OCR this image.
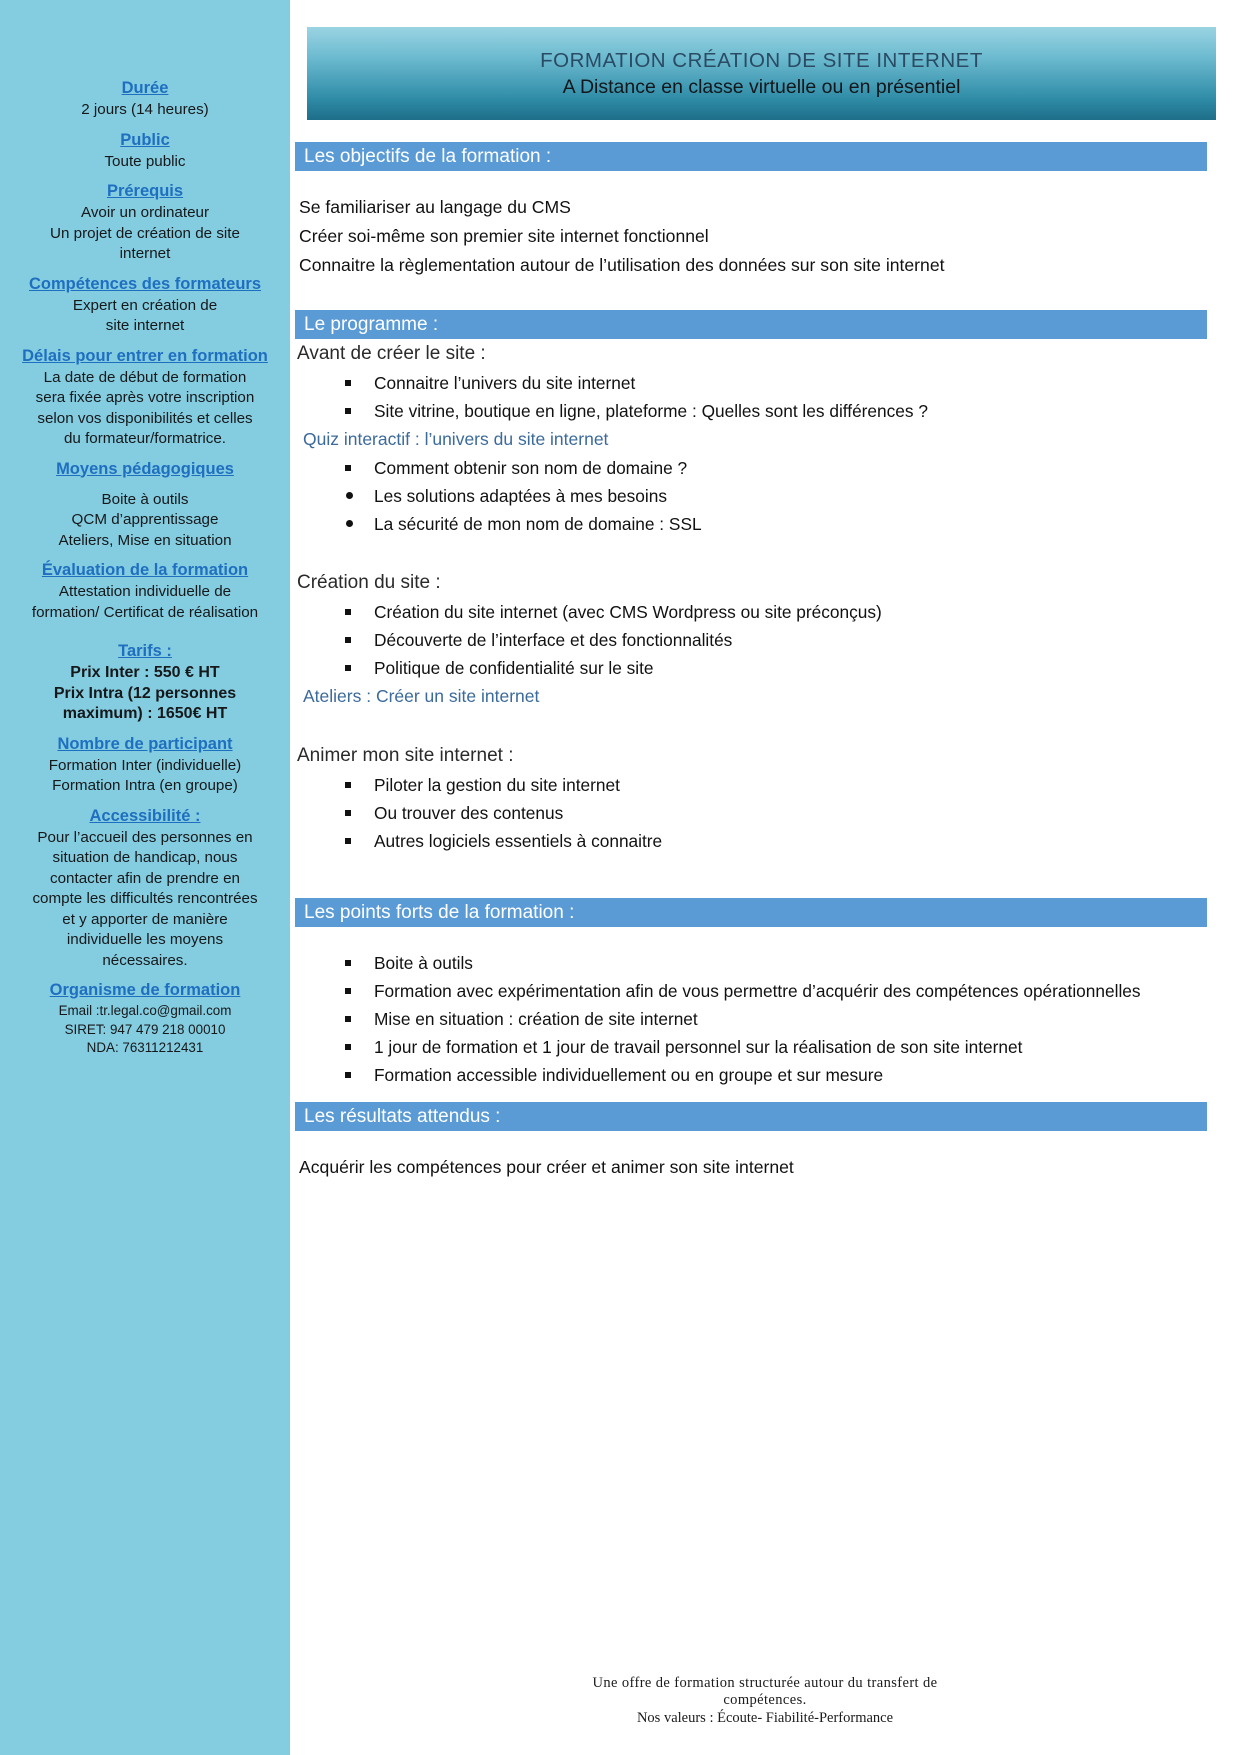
Durée
2 jours (14 heures)
Public
Toute public
Prérequis
Avoir un ordinateur
Un projet de création de site
internet
Compétences des formateurs
Expert en création de
site internet
Délais pour entrer en formation
La date de début de formation
sera fixée après votre inscription
selon vos disponibilités et celles
du formateur/formatrice.
Moyens pédagogiques
Boite à outils
QCM d’apprentissage
Ateliers, Mise en situation
Évaluation de la formation
Attestation individuelle de
formation/ Certificat de réalisation
Tarifs :
Prix Inter : 550 € HT
Prix Intra (12 personnes
maximum) : 1650€ HT
Nombre de participant
Formation Inter (individuelle)
Formation Intra (en groupe)
Accessibilité :
Pour l’accueil des personnes en
situation de handicap, nous
contacter afin de prendre en
compte les difficultés rencontrées
et y apporter de manière
individuelle les moyens
nécessaires.
Organisme de formation
Email :tr.legal.co@gmail.com
SIRET: 947 479 218 00010
NDA: 76311212431
FORMATION CRÉATION DE SITE INTERNET
A Distance en classe virtuelle ou en présentiel
Les objectifs de la formation :
Se familiariser au langage du CMS
Créer soi-même son premier site internet fonctionnel
Connaitre la règlementation autour de l’utilisation des données sur son site internet
Le programme :
Avant de créer le site :
Connaitre l’univers du site internet
Site vitrine, boutique en ligne, plateforme : Quelles sont les différences ?
Quiz interactif : l’univers du site internet
Comment obtenir son nom de domaine ?
Les solutions adaptées à mes besoins
La sécurité de mon nom de domaine : SSL
Création du site :
Création du site internet (avec CMS Wordpress ou site préconçus)
Découverte de l’interface et des fonctionnalités
Politique de confidentialité sur le site
Ateliers : Créer un site internet
Animer mon site internet :
Piloter la gestion du site internet
Ou trouver des contenus
Autres logiciels essentiels à connaitre
Les points forts de la formation :
Boite à outils
Formation avec expérimentation afin de vous permettre d’acquérir des compétences opérationnelles
Mise en situation : création de site internet
1 jour de formation et 1 jour de travail personnel sur la réalisation de son site internet
Formation accessible individuellement ou en groupe et sur mesure
Les résultats attendus :
Acquérir les compétences pour créer et animer son site internet
Une offre de formation structurée autour du transfert de
compétences.
Nos valeurs : Écoute- Fiabilité-Performance
